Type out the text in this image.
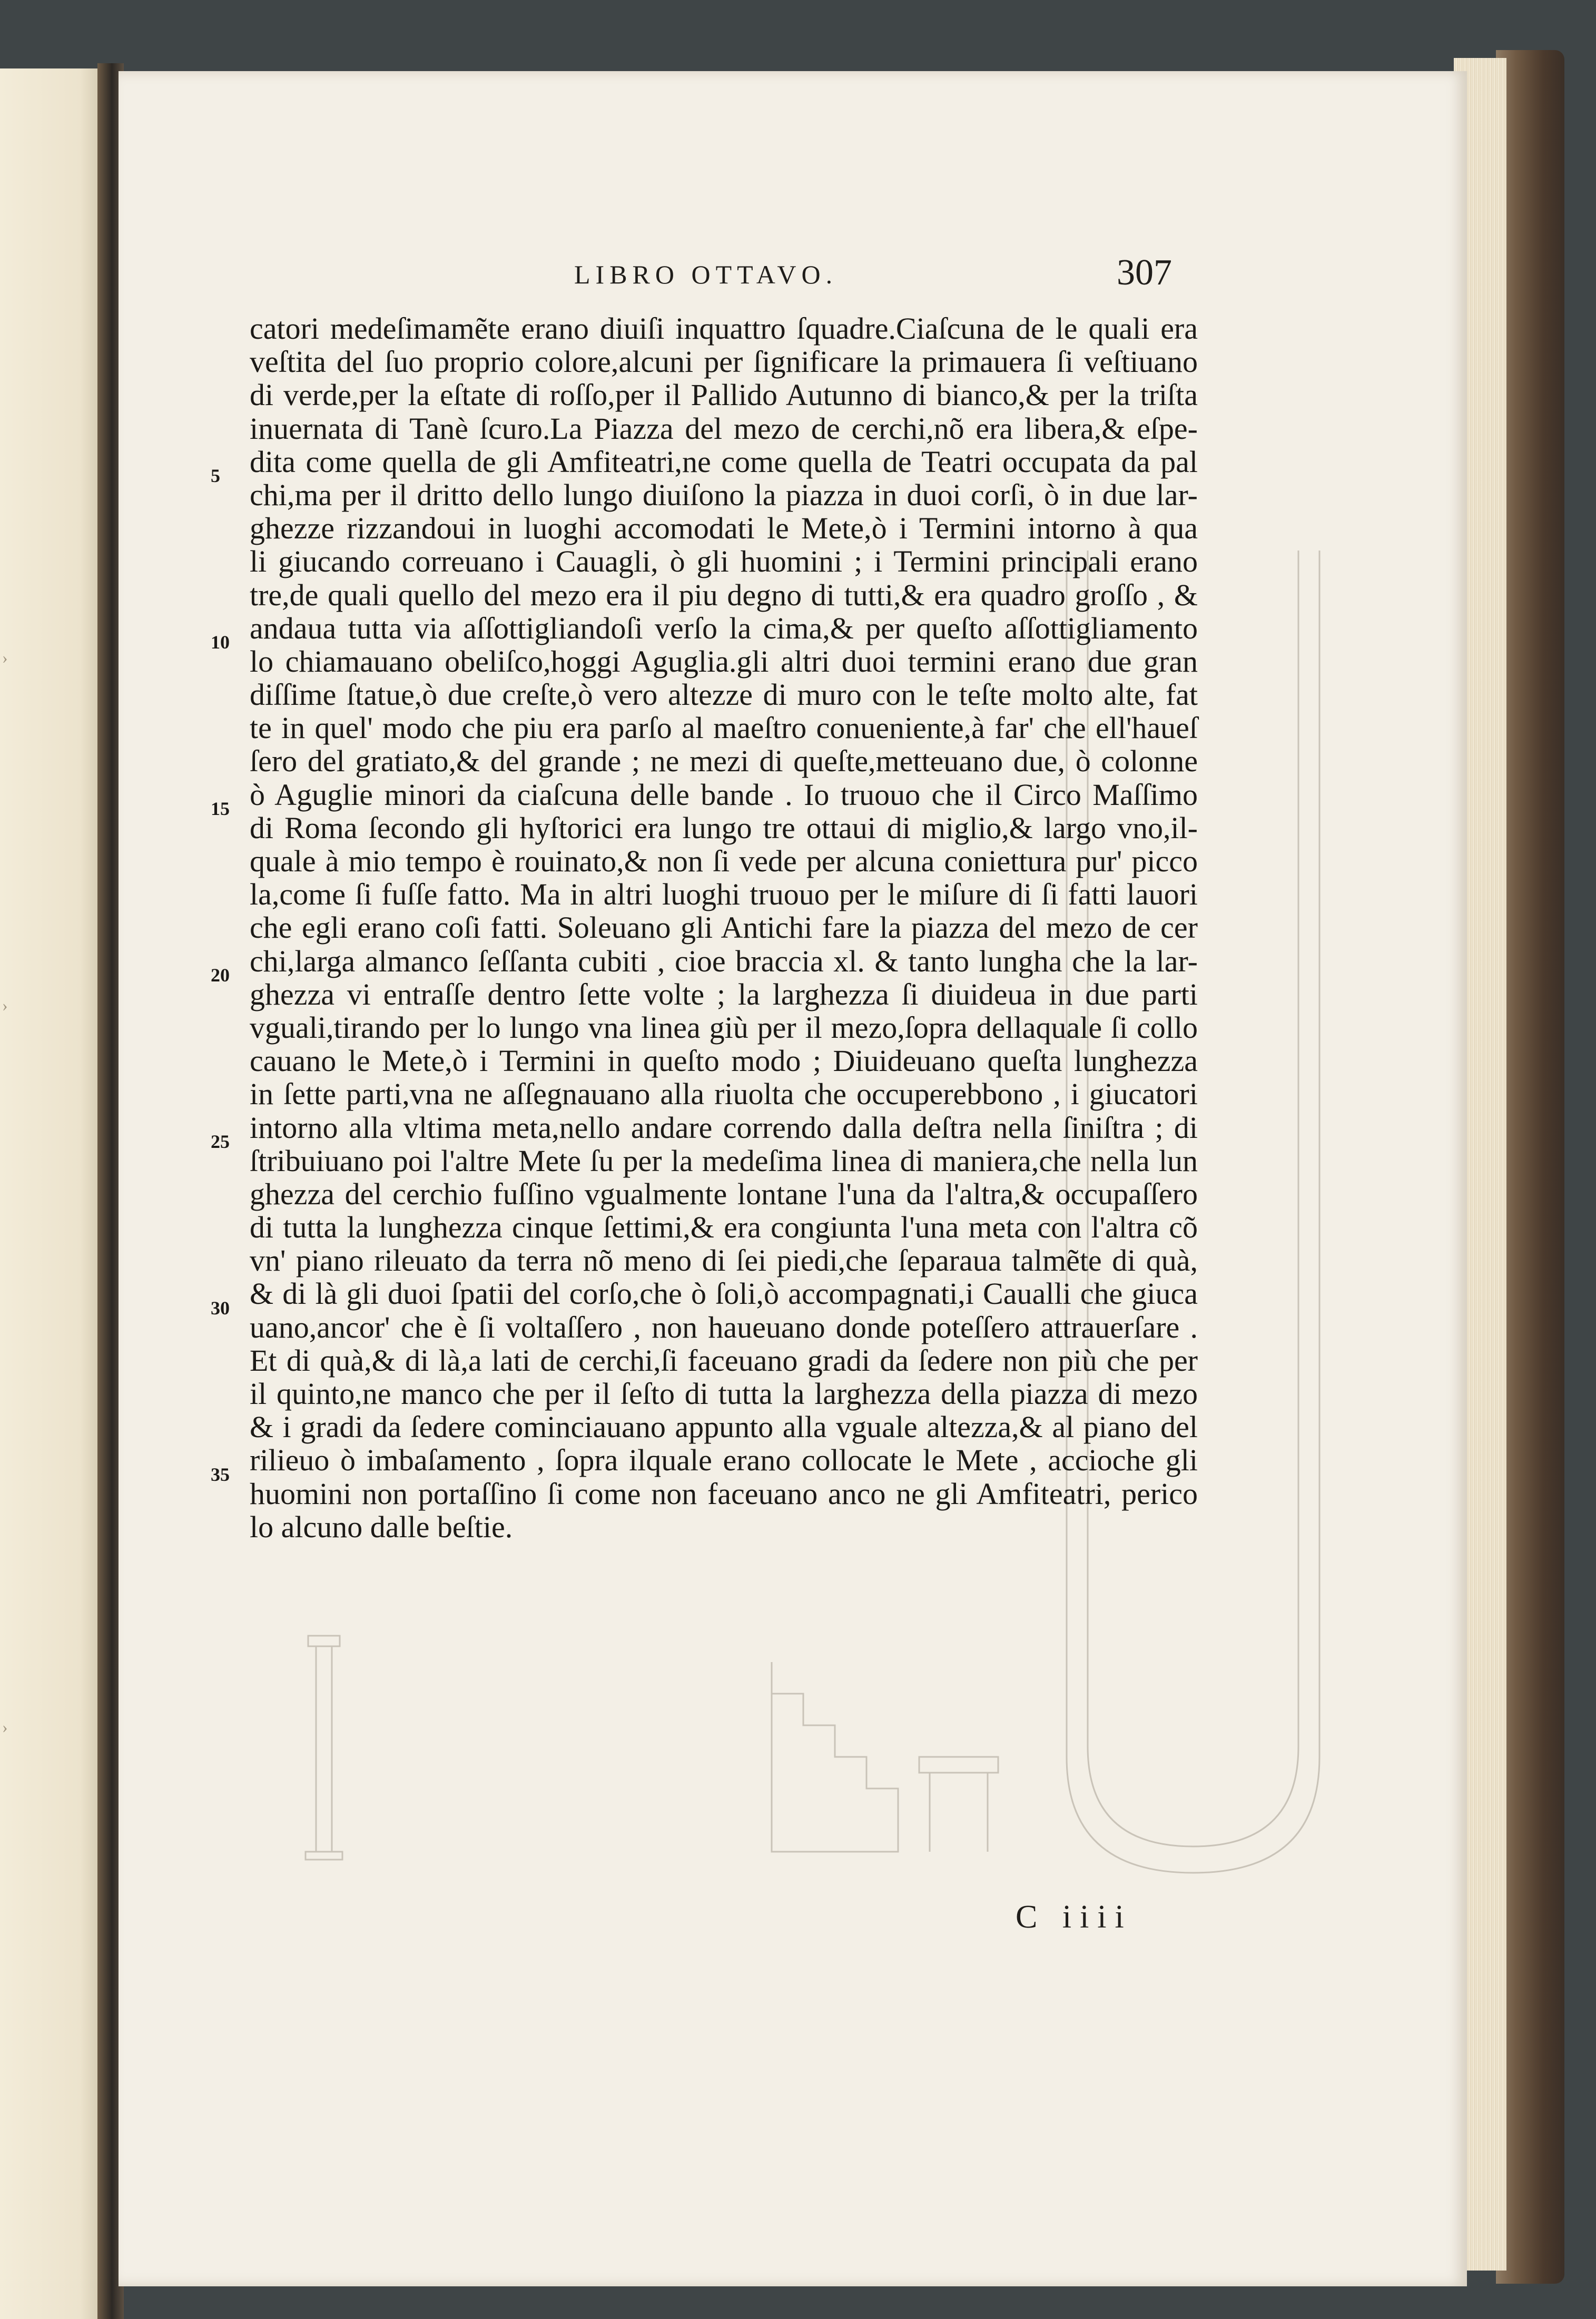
›
›
›
LIBRO OTTAVO.	307
catori medeſimamẽte erano diuiſi inquattro ſquadre.Ciaſcuna de le quali era
veſtita del ſuo proprio colore,alcuni per ſignificare la primauera ſi veſtiuano
di verde,per la eſtate di roſſo,per il Pallido Autunno di bianco,& per la triſta
inuernata di Tanè ſcuro.La Piazza del mezo de cerchi,nõ era libera,& eſpe-
dita come quella de gli Amfiteatri,ne come quella de Teatri occupata da pal
chi,ma per il dritto dello lungo diuiſono la piazza in duoi corſi, ò in due lar-
ghezze rizzandoui in luoghi accomodati le Mete,ò i Termini intorno à qua
li giucando correuano i Cauagli, ò gli huomini ; i Termini principali erano
tre,de quali quello del mezo era il piu degno di tutti,& era quadro groſſo , &
andaua tutta via aſſottigliandoſi verſo la cima,& per queſto aſſottigliamento
lo chiamauano obeliſco,hoggi Aguglia.gli altri duoi termini erano due gran
diſſime ſtatue,ò due creſte,ò vero altezze di muro con le teſte molto alte, fat
te in quel' modo che piu era parſo al maeſtro conueniente,à far' che ell'haueſ
ſero del gratiato,& del grande ; ne mezi di queſte,metteuano due, ò colonne
ò Aguglie minori da ciaſcuna delle bande . Io truouo che il Circo Maſſimo
di Roma ſecondo gli hyſtorici era lungo tre ottaui di miglio,& largo vno,il-
quale à mio tempo è rouinato,& non ſi vede per alcuna coniettura pur' picco
la,come ſi fuſſe fatto. Ma in altri luoghi truouo per le miſure di ſi fatti lauori
che egli erano coſi fatti. Soleuano gli Antichi fare la piazza del mezo de cer
chi,larga almanco ſeſſanta cubiti , cioe braccia xl. & tanto lungha che la lar-
ghezza vi entraſſe dentro ſette volte ; la larghezza ſi diuideua in due parti
vguali,tirando per lo lungo vna linea giù per il mezo,ſopra dellaquale ſi collo
cauano le Mete,ò i Termini in queſto modo ; Diuideuano queſta lunghezza
in ſette parti,vna ne aſſegnauano alla riuolta che occuperebbono , i giucatori
intorno alla vltima meta,nello andare correndo dalla deſtra nella ſiniſtra ; di
ſtribuiuano poi l'altre Mete ſu per la medeſima linea di maniera,che nella lun
ghezza del cerchio fuſſino vgualmente lontane l'una da l'altra,& occupaſſero
di tutta la lunghezza cinque ſettimi,& era congiunta l'una meta con l'altra cõ
vn' piano rileuato da terra nõ meno di ſei piedi,che ſeparaua talmẽte di quà,
& di là gli duoi ſpatii del corſo,che ò ſoli,ò accompagnati,i Caualli che giuca
uano,ancor' che è ſi voltaſſero , non haueuano donde poteſſero attrauerſare .
Et di quà,& di là,a lati de cerchi,ſi faceuano gradi da ſedere non più che per
il quinto,ne manco che per il ſeſto di tutta la larghezza della piazza di mezo
& i gradi da ſedere cominciauano appunto alla vguale altezza,& al piano del
rilieuo ò imbaſamento , ſopra ilquale erano collocate le Mete , accioche gli
huomini non portaſſino ſi come non faceuano anco ne gli Amfiteatri, perico
lo alcuno dalle beſtie.
5
10
15
20
25
30
35
C iiii
